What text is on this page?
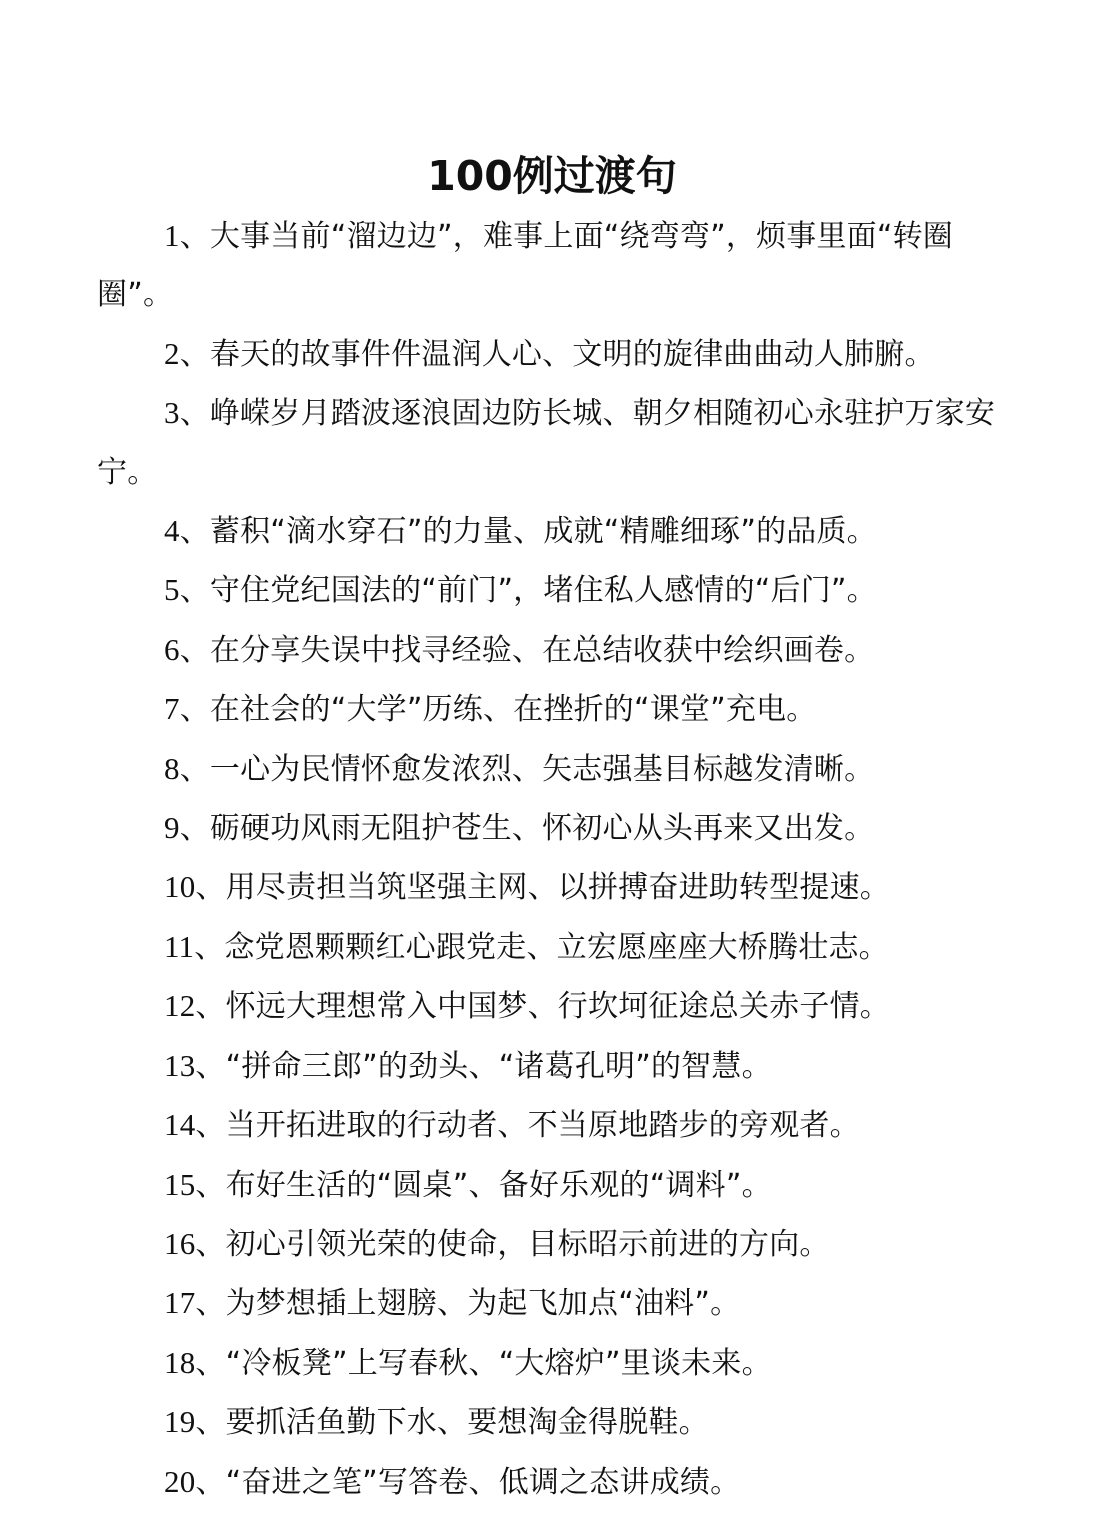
100例过渡句

1、大事当前“溜边边”，难事上面“绕弯弯”，烦事里面“转圈圈”。

2、春天的故事件件温润人心、文明的旋律曲曲动人肺腑。

3、峥嵘岁月踏波逐浪固边防长城、朝夕相随初心永驻护万家安宁。

4、蓄积“滴水穿石”的力量、成就“精雕细琢”的品质。

5、守住党纪国法的“前门”，堵住私人感情的“后门”。

6、在分享失误中找寻经验、在总结收获中绘织画卷。

7、在社会的“大学”历练、在挫折的“课堂”充电。

8、一心为民情怀愈发浓烈、矢志强基目标越发清晰。

9、砺硬功风雨无阻护苍生、怀初心从头再来又出发。

10、用尽责担当筑坚强主网、以拼搏奋进助转型提速。

11、念党恩颗颗红心跟党走、立宏愿座座大桥腾壮志。

12、怀远大理想常入中国梦、行坎坷征途总关赤子情。

13、“拼命三郎”的劲头、“诸葛孔明”的智慧。

14、当开拓进取的行动者、不当原地踏步的旁观者。

15、布好生活的“圆桌”、备好乐观的“调料”。

16、初心引领光荣的使命，目标昭示前进的方向。

17、为梦想插上翅膀、为起飞加点“油料”。

18、“冷板凳”上写春秋、“大熔炉”里谈未来。

19、要抓活鱼勤下水、要想淘金得脱鞋。

20、“奋进之笔”写答卷、低调之态讲成绩。
